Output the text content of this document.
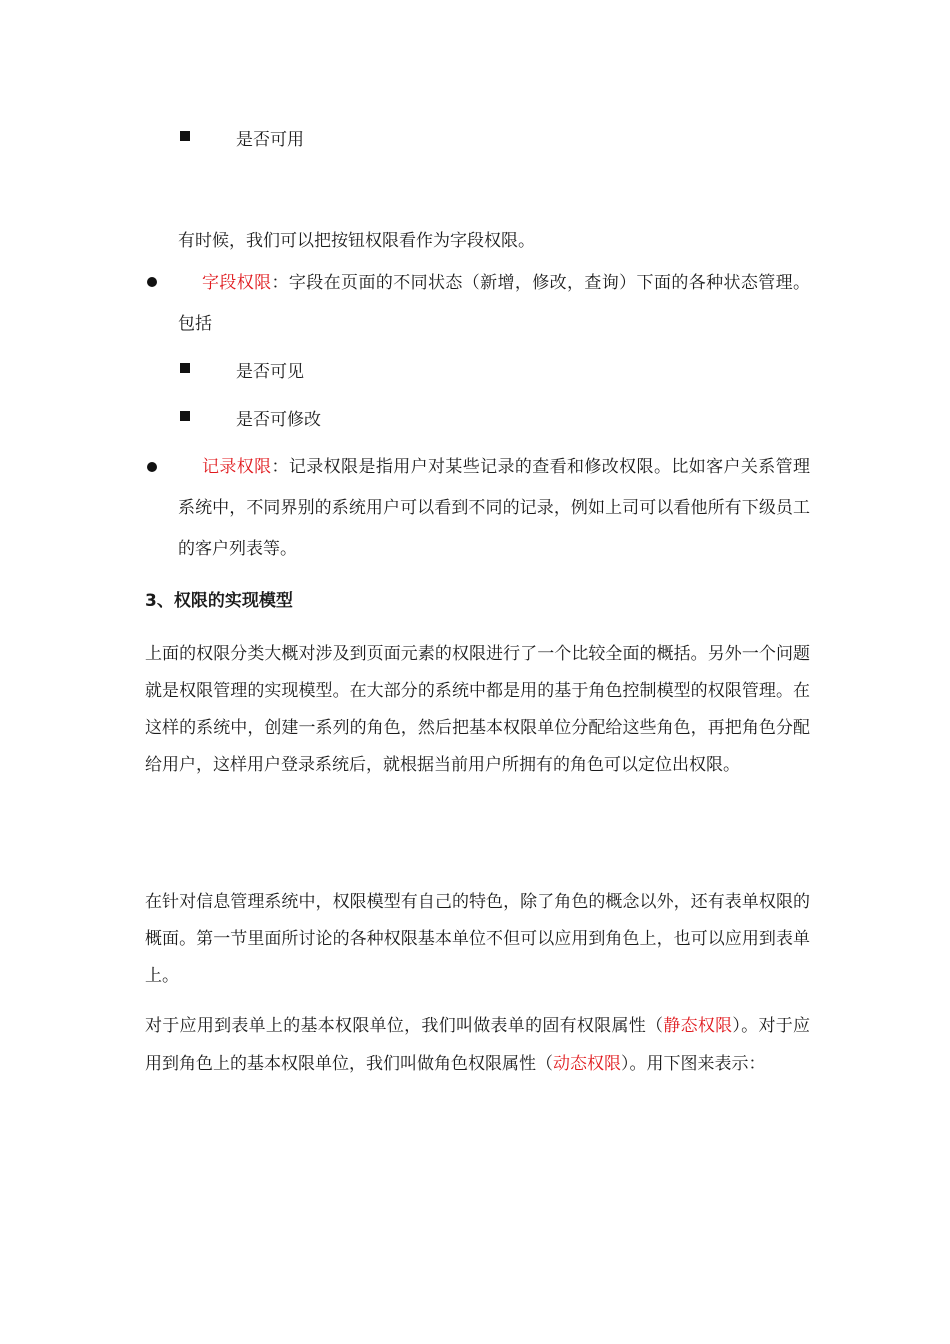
是否可用
有时候，我们可以把按钮权限看作为字段权限。
字段权限：字段在页面的不同状态（新增，修改，查询）下面的各种状态管理。包括
是否可见
是否可修改
记录权限：记录权限是指用户对某些记录的查看和修改权限。比如客户关系管理系统中，不同界别的系统用户可以看到不同的记录，例如上司可以看他所有下级员工的客户列表等。
3、权限的实现模型
上面的权限分类大概对涉及到页面元素的权限进行了一个比较全面的概括。另外一个问题就是权限管理的实现模型。在大部分的系统中都是用的基于角色控制模型的权限管理。在这样的系统中，创建一系列的角色，然后把基本权限单位分配给这些角色，再把角色分配给用户，这样用户登录系统后，就根据当前用户所拥有的角色可以定位出权限。
在针对信息管理系统中，权限模型有自己的特色，除了角色的概念以外，还有表单权限的概面。第一节里面所讨论的各种权限基本单位不但可以应用到角色上，也可以应用到表单上。
对于应用到表单上的基本权限单位，我们叫做表单的固有权限属性（静态权限）。对于应用到角色上的基本权限单位，我们叫做角色权限属性（动态权限）。用下图来表示：
